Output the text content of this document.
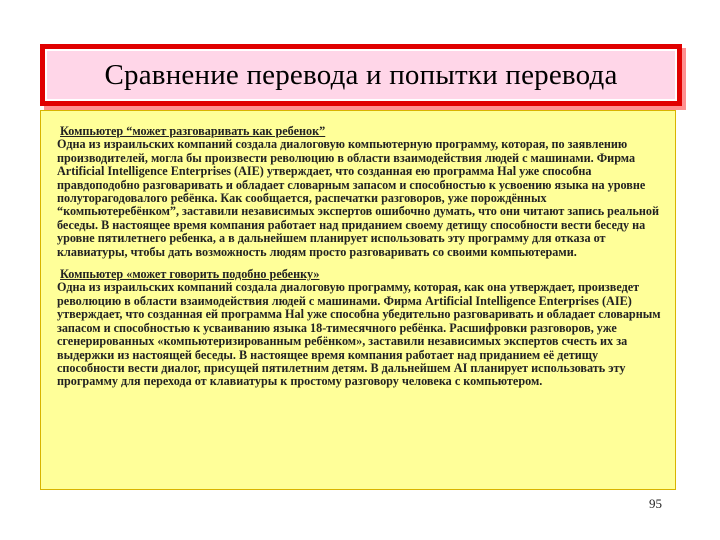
Сравнение перевода и попытки перевода
Компьютер “может разговаривать как ребенок”
Одна из израильских компаний создала диалоговую компьютерную программу, которая, по заявлению производителей, могла бы произвести революцию в области взаимодействия людей с машинами. Фирма Artificial Intelligence Enterprises (AIE) утверждает, что созданная ею программа Hal уже способна правдоподобно разговаривать и обладает словарным запасом и способностью к усвоению языка на уровне полуторагодовалого ребёнка. Как сообщается, распечатки разговоров, уже порождённых “компьютеребёнком”, заставили независимых экспертов ошибочно думать, что они читают запись реальной беседы. В настоящее время компания работает над приданием своему детищу способности вести беседу на уровне пятилетнего ребенка, а в дальнейшем планирует использовать эту программу для отказа от клавиатуры, чтобы дать возможность людям просто разговаривать со своими компьютерами.
Компьютер «может говорить подобно ребенку»
Одна из израильских компаний создала диалоговую программу, которая, как она утверждает, произведет революцию в области взаимодействия людей с машинами. Фирма Artificial Intelligence Enterprises (AIE) утверждает, что созданная ей программа Hal уже способна убедительно разговаривать и обладает словарным запасом и способностью к усваиванию языка 18-тимесячного ребёнка. Расшифровки разговоров, уже сгенерированных «компьютеризированным ребёнком», заставили независимых экспертов счесть их за выдержки из настоящей беседы. В настоящее время компания работает над приданием её детищу способности вести диалог, присущей пятилетним детям. В дальнейшем AI планирует использовать эту программу для перехода от клавиатуры к простому разговору человека с компьютером.
95
